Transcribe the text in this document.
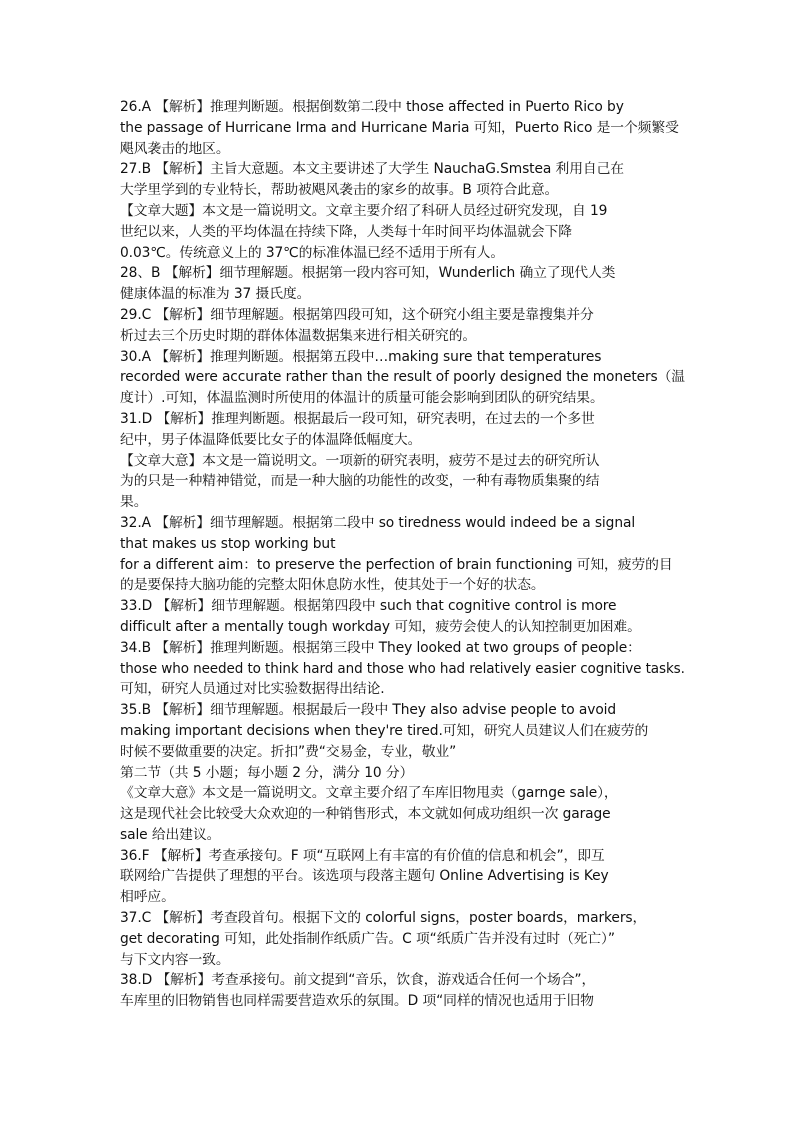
26.A 【解析】推理判断题。根据倒数第二段中 those affected in Puerto Rico by
the passage of Hurricane Irma and Hurricane Maria 可知，Puerto Rico 是一个频繁受
飓风袭击的地区。
27.B 【解析】主旨大意题。本文主要讲述了大学生 NauchaG.Smstea 利用自己在
大学里学到的专业特长，帮助被飓风袭击的家乡的故事。B 项符合此意。
【文章大题】本文是一篇说明文。文章主要介绍了科研人员经过研究发现，自 19
世纪以来，人类的平均体温在持续下降，人类每十年时间平均体温就会下降
0.03℃。传统意义上的 37℃的标准体温已经不适用于所有人。
28、B 【解析】细节理解题。根据第一段内容可知，Wunderlich 确立了现代人类
健康体温的标准为 37 摄氏度。
29.C 【解析】细节理解题。根据第四段可知，这个研究小组主要是靠搜集并分
析过去三个历史时期的群体体温数据集来进行相关研究的。
30.A 【解析】推理判断题。根据第五段中…making sure that temperatures
recorded were accurate rather than the result of poorly designed the moneters（温
度计）.可知，体温监测时所使用的体温计的质量可能会影响到团队的研究结果。
31.D 【解析】推理判断题。根据最后一段可知，研究表明，在过去的一个多世
纪中，男子体温降低要比女子的体温降低幅度大。
【文章大意】本文是一篇说明文。一项新的研究表明，疲劳不是过去的研究所认
为的只是一种精神错觉，而是一种大脑的功能性的改变，一种有毒物质集聚的结
果。
32.A 【解析】细节理解题。根据第二段中 so tiredness would indeed be a signal
that makes us stop working but
for a different aim：to preserve the perfection of brain functioning 可知，疲劳的目
的是要保持大脑功能的完整太阳休息防水性，使其处于一个好的状态。
33.D 【解析】细节理解题。根据第四段中 such that cognitive control is more
difficult after a mentally tough workday 可知，疲劳会使人的认知控制更加困难。
34.B 【解析】推理判断题。根据第三段中 They looked at two groups of people：
those who needed to think hard and those who had relatively easier cognitive tasks.
可知，研究人员通过对比实验数据得出结论.
35.B 【解析】细节理解题。根据最后一段中 They also advise people to avoid
making important decisions when they're tired.可知，研究人员建议人们在疲劳的
时候不要做重要的决定。折扣”费“交易金，专业，敬业”
第二节（共 5 小题；每小题 2 分，满分 10 分）
《文章大意》本文是一篇说明文。文章主要介绍了车库旧物甩卖（garnge sale），
这是现代社会比较受大众欢迎的一种销售形式，本文就如何成功组织一次 garage
sale 给出建议。
36.F 【解析】考查承接句。F 项“互联网上有丰富的有价值的信息和机会”，即互
联网给广告提供了理想的平台。该选项与段落主题句 Online Advertising is Key
相呼应。
37.C 【解析】考查段首句。根据下文的 colorful signs，poster boards，markers，
get decorating 可知，此处指制作纸质广告。C 项“纸质广告并没有过时（死亡）”
与下文内容一致。
38.D 【解析】考查承接句。前文提到“音乐，饮食，游戏适合任何一个场合”，
车库里的旧物销售也同样需要营造欢乐的氛围。D 项“同样的情况也适用于旧物
